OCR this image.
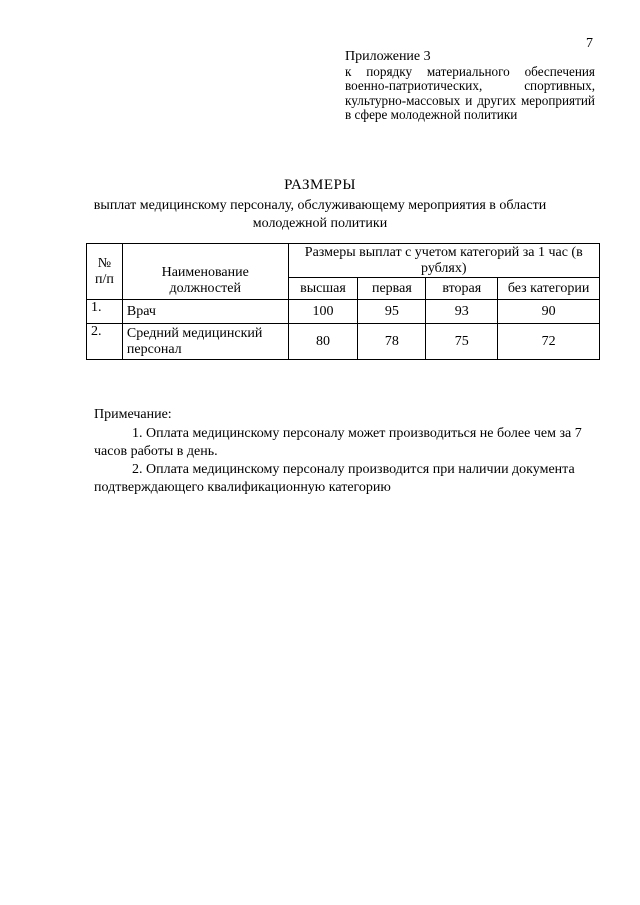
7
Приложение 3
к порядку материального обеспечения военно-патриотических, спортивных, культурно-массовых и других мероприятий в сфере молодежной политики
РАЗМЕРЫ
выплат медицинскому персоналу, обслуживающему мероприятия в области молодежной политики
№ п/п	Наименование должностей	Размеры выплат с учетом категорий за 1 час (в рублях)			
		высшая	первая	вторая	без категории
1.	Врач	100	95	93	90
2.	Средний медицинский персонал	80	78	75	72
Примечание:
1. Оплата медицинскому персоналу может производиться не более чем за 7 часов работы в день.
2. Оплата медицинскому персоналу производится при наличии документа подтверждающего квалификационную категорию
